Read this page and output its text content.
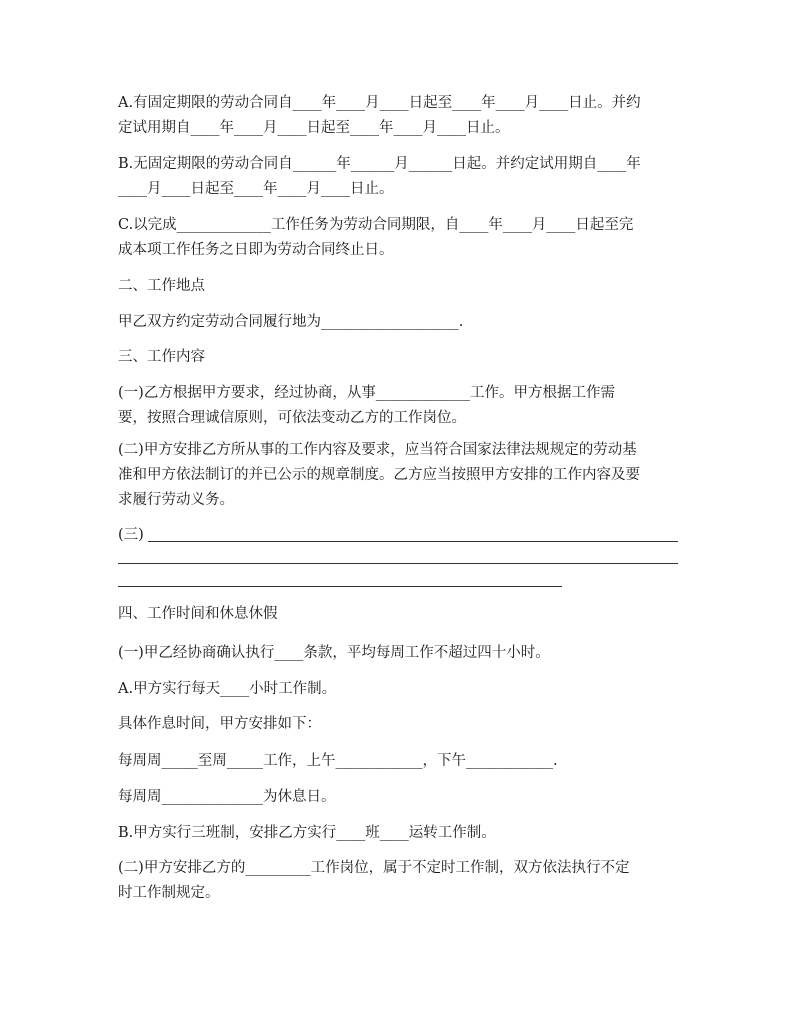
A.有固定期限的劳动合同自____年____月____日起至____年____月____日止。并约
定试用期自____年____月____日起至____年____月____日止。
B.无固定期限的劳动合同自______年______月______日起。并约定试用期自____年
____月____日起至____年____月____日止。
C.以完成_____________工作任务为劳动合同期限，自____年____月____日起至完
成本项工作任务之日即为劳动合同终止日。
二、工作地点
甲乙双方约定劳动合同履行地为___________________.
三、工作内容
(一)乙方根据甲方要求，经过协商，从事_____________工作。甲方根据工作需
要，按照合理诚信原则，可依法变动乙方的工作岗位。
(二)甲方安排乙方所从事的工作内容及要求，应当符合国家法律法规规定的劳动基
准和甲方依法制订的并已公示的规章制度。乙方应当按照甲方安排的工作内容及要
求履行劳动义务。
(三)
四、工作时间和休息休假
(一)甲乙经协商确认执行____条款，平均每周工作不超过四十小时。
A.甲方实行每天____小时工作制。
具体作息时间，甲方安排如下：
每周周_____至周_____工作，上午____________，下午____________.
每周周______________为休息日。
B.甲方实行三班制，安排乙方实行____班____运转工作制。
(二)甲方安排乙方的_________工作岗位，属于不定时工作制，双方依法执行不定
时工作制规定。
